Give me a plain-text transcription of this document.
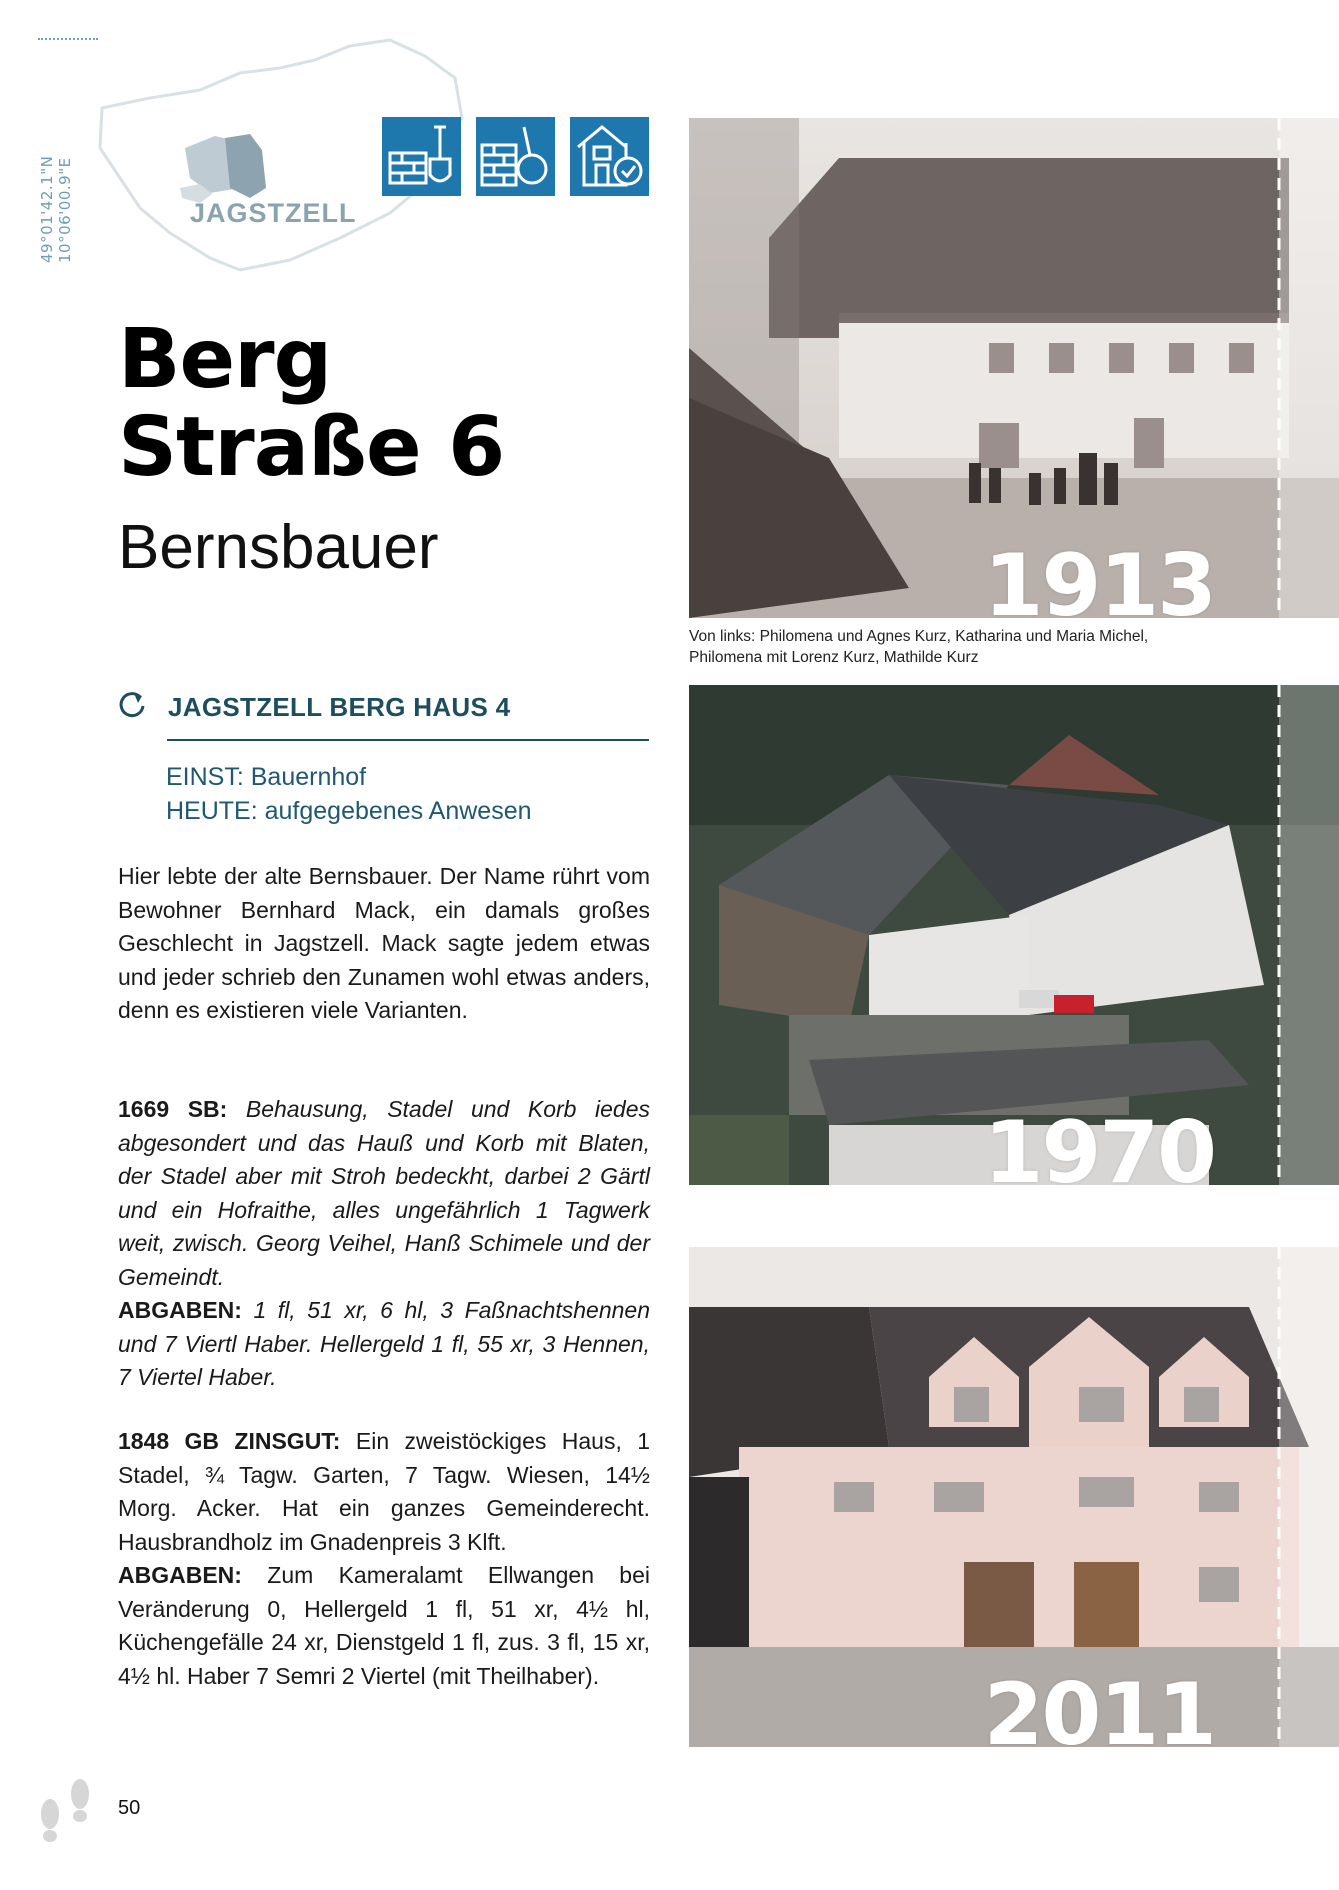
49°01'42.1"N 10°06'00.9"E	JAGSTZELL
Berg
Straße 6
Bernsbauer
JAGSTZELL BERG HAUS 4
EINST: Bauernhof
HEUTE: aufgegebenes Anwesen
Hier lebte der alte Bernsbauer. Der Name rührt vom Bewohner Bernhard Mack, ein damals großes Geschlecht in Jagstzell. Mack sagte jedem etwas und jeder schrieb den Zunamen wohl etwas anders, denn es existieren viele Varianten.
1669 SB: Behausung, Stadel und Korb iedes abgesondert und das Hauß und Korb mit Blaten, der Stadel aber mit Stroh bedeckht, darbei 2 Gärtl und ein Hofraithe, alles ungefährlich 1 Tagwerk weit, zwisch. Georg Veihel, Hanß Schimele und der Gemeindt.
ABGABEN: 1 fl, 51 xr, 6 hl, 3 Faßnachtshennen und 7 Viertl Haber. Hellergeld 1 fl, 55 xr, 3 Hennen, 7 Viertel Haber.
1848 GB ZINSGUT: Ein zweistöckiges Haus, 1 Stadel, ¾ Tagw. Garten, 7 Tagw. Wiesen, 14½ Morg. Acker. Hat ein ganzes Gemeinderecht. Hausbrandholz im Gnadenpreis 3 Klft.
ABGABEN: Zum Kameralamt Ellwangen bei Veränderung 0, Hellergeld 1 fl, 51 xr, 4½ hl, Küchengefälle 24 xr, Dienstgeld 1 fl, zus. 3 fl, 15 xr, 4½ hl. Haber 7 Semri 2 Viertel (mit Theilhaber).
1913
Von links: Philomena und Agnes Kurz, Katharina und Maria Michel, Philomena mit Lorenz Kurz, Mathilde Kurz
1970
2011
50
